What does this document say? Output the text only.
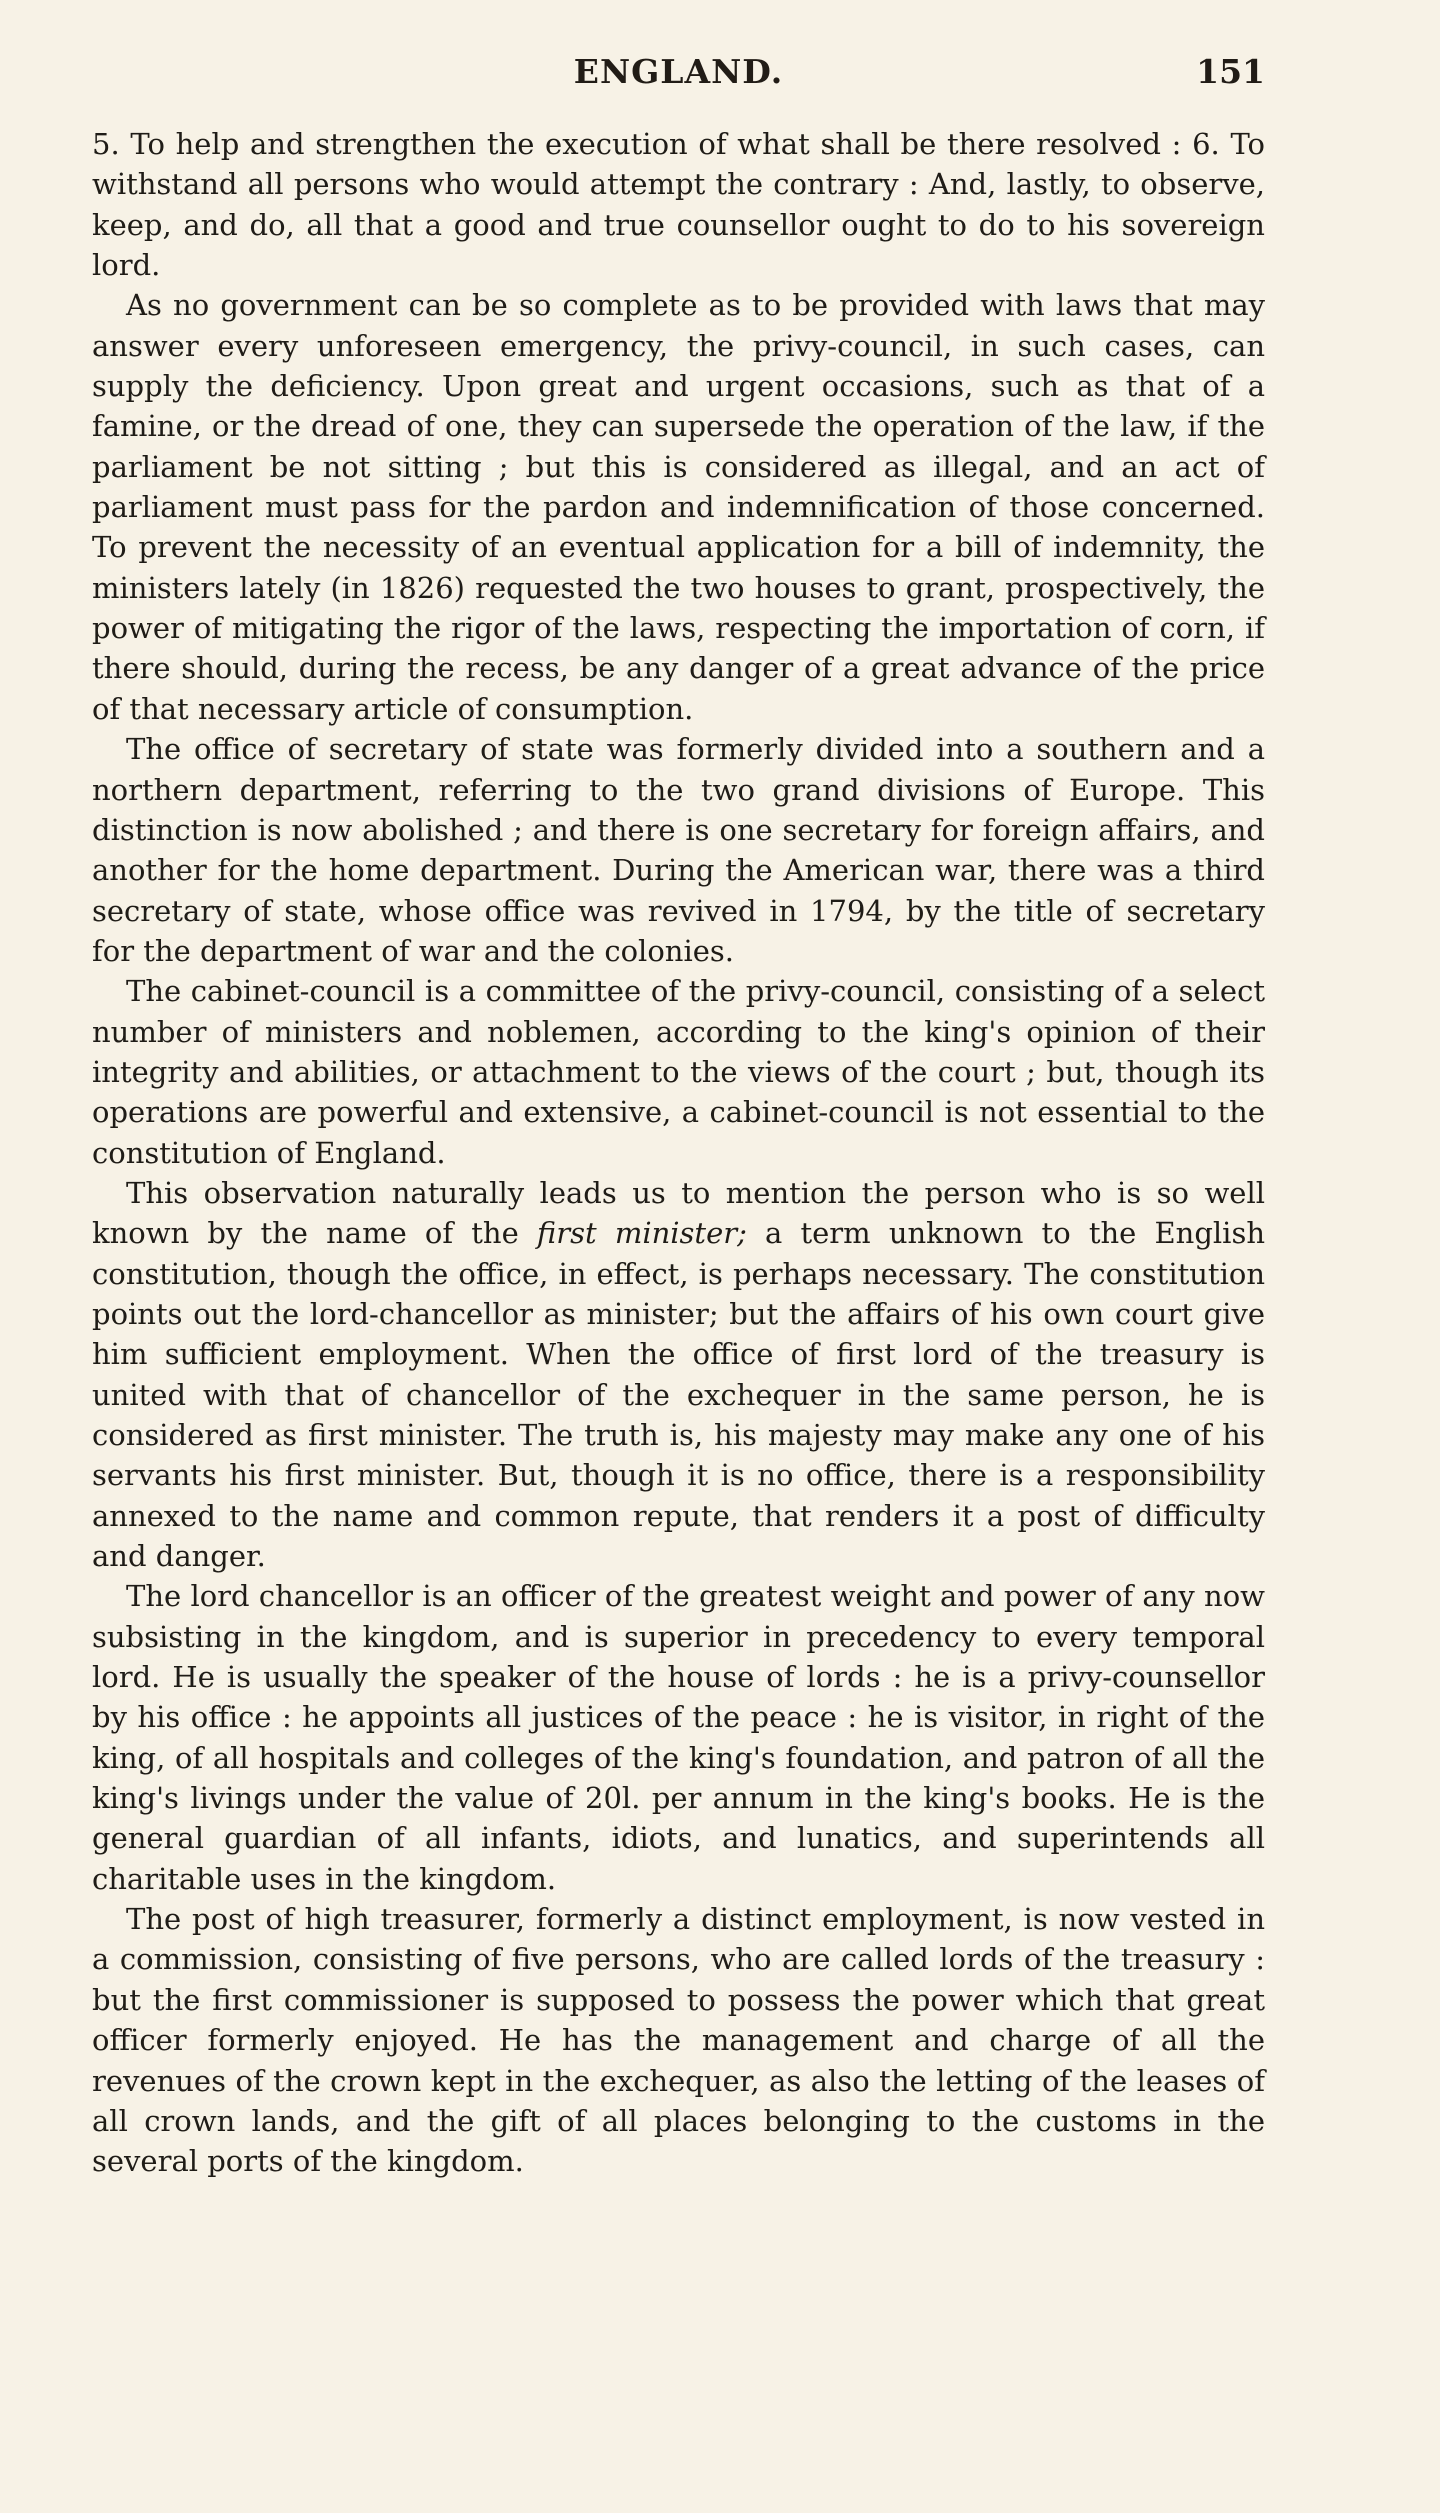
ENGLAND.	151

5. To help and strengthen the execution of what shall be there resolved : 6. To withstand all persons who would attempt the contrary : And, lastly, to observe, keep, and do, all that a good and true counsellor ought to do to his sovereign lord.

As no government can be so complete as to be provided with laws that may answer every unforeseen emergency, the privy-council, in such cases, can supply the deficiency. Upon great and urgent occasions, such as that of a famine, or the dread of one, they can supersede the operation of the law, if the parliament be not sitting ; but this is considered as illegal, and an act of parliament must pass for the pardon and indemnification of those concerned. To prevent the necessity of an eventual application for a bill of indemnity, the ministers lately (in 1826) requested the two houses to grant, prospectively, the power of mitigating the rigor of the laws, respecting the importation of corn, if there should, during the recess, be any danger of a great advance of the price of that necessary article of consumption.

The office of secretary of state was formerly divided into a southern and a northern department, referring to the two grand divisions of Europe. This distinction is now abolished ; and there is one secretary for foreign affairs, and another for the home department. During the American war, there was a third secretary of state, whose office was revived in 1794, by the title of secretary for the department of war and the colonies.

The cabinet-council is a committee of the privy-council, consisting of a select number of ministers and noblemen, according to the king's opinion of their integrity and abilities, or attachment to the views of the court ; but, though its operations are powerful and extensive, a cabinet-council is not essential to the constitution of England.

This observation naturally leads us to mention the person who is so well known by the name of the first minister; a term unknown to the English constitution, though the office, in effect, is perhaps necessary. The constitution points out the lord-chancellor as minister; but the affairs of his own court give him sufficient employment. When the office of first lord of the treasury is united with that of chancellor of the exchequer in the same person, he is considered as first minister. The truth is, his majesty may make any one of his servants his first minister. But, though it is no office, there is a responsibility annexed to the name and common repute, that renders it a post of difficulty and danger.

The lord chancellor is an officer of the greatest weight and power of any now subsisting in the kingdom, and is superior in precedency to every temporal lord. He is usually the speaker of the house of lords : he is a privy-counsellor by his office : he appoints all justices of the peace : he is visitor, in right of the king, of all hospitals and colleges of the king's foundation, and patron of all the king's livings under the value of 20l. per annum in the king's books. He is the general guardian of all infants, idiots, and lunatics, and superintends all charitable uses in the kingdom.

The post of high treasurer, formerly a distinct employment, is now vested in a commission, consisting of five persons, who are called lords of the treasury : but the first commissioner is supposed to possess the power which that great officer formerly enjoyed. He has the management and charge of all the revenues of the crown kept in the exchequer, as also the letting of the leases of all crown lands, and the gift of all places belonging to the customs in the several ports of the kingdom.
